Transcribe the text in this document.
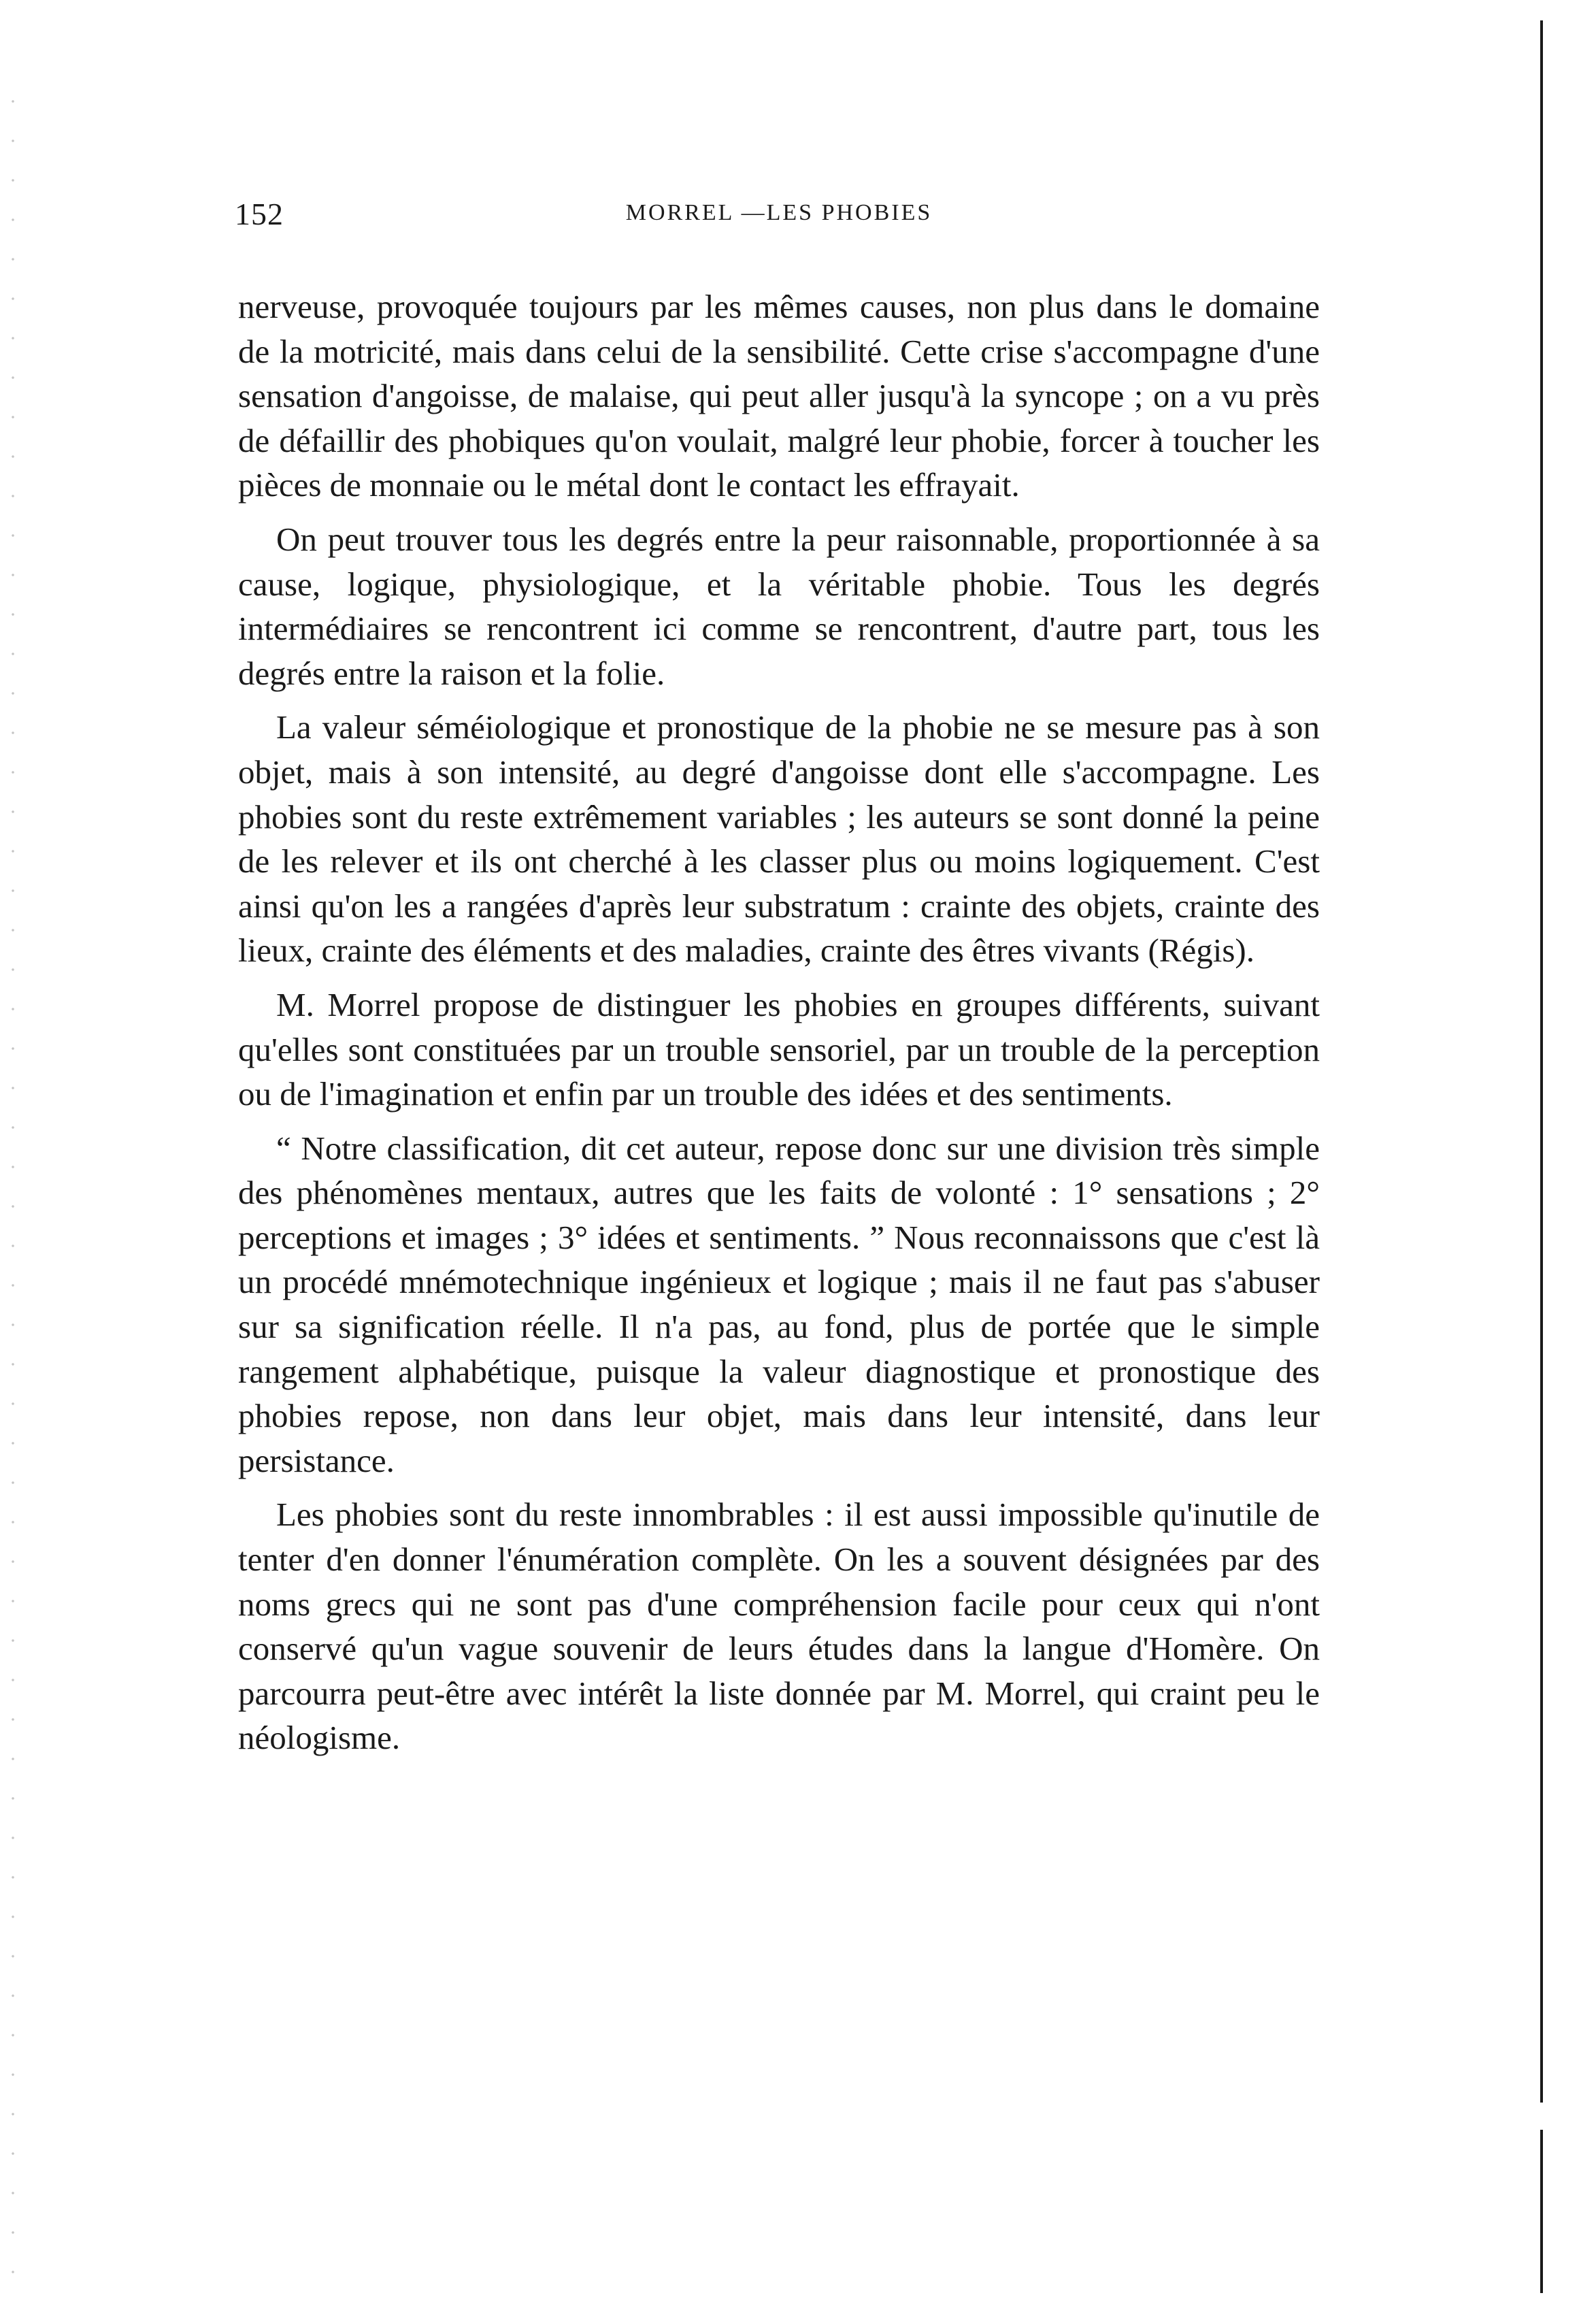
152	MORREL —LES PHOBIES

nerveuse, provoquée toujours par les mêmes causes, non plus dans le domaine de la motricité, mais dans celui de la sensibilité. Cette crise s'accompagne d'une sensation d'angoisse, de malaise, qui peut aller jusqu'à la syncope ; on a vu près de défaillir des phobiques qu'on voulait, malgré leur phobie, forcer à toucher les pièces de monnaie ou le métal dont le contact les effrayait.

On peut trouver tous les degrés entre la peur raisonnable, proportionnée à sa cause, logique, physiologique, et la véritable phobie. Tous les degrés intermédiaires se rencontrent ici comme se rencontrent, d'autre part, tous les degrés entre la raison et la folie.

La valeur séméiologique et pronostique de la phobie ne se mesure pas à son objet, mais à son intensité, au degré d'angoisse dont elle s'accompagne. Les phobies sont du reste extrêmement variables ; les auteurs se sont donné la peine de les relever et ils ont cherché à les classer plus ou moins logiquement. C'est ainsi qu'on les a rangées d'après leur substratum : crainte des objets, crainte des lieux, crainte des éléments et des maladies, crainte des êtres vivants (Régis).

M. Morrel propose de distinguer les phobies en groupes différents, suivant qu'elles sont constituées par un trouble sensoriel, par un trouble de la perception ou de l'imagination et enfin par un trouble des idées et des sentiments.

“ Notre classification, dit cet auteur, repose donc sur une division très simple des phénomènes mentaux, autres que les faits de volonté : 1° sensations ; 2° perceptions et images ; 3° idées et sentiments. ” Nous reconnaissons que c'est là un procédé mnémotechnique ingénieux et logique ; mais il ne faut pas s'abuser sur sa signification réelle. Il n'a pas, au fond, plus de portée que le simple rangement alphabétique, puisque la valeur diagnostique et pronostique des phobies repose, non dans leur objet, mais dans leur intensité, dans leur persistance.

Les phobies sont du reste innombrables : il est aussi impossible qu'inutile de tenter d'en donner l'énumération complète. On les a souvent désignées par des noms grecs qui ne sont pas d'une compréhension facile pour ceux qui n'ont conservé qu'un vague souvenir de leurs études dans la langue d'Homère. On parcourra peut-être avec intérêt la liste donnée par M. Morrel, qui craint peu le néologisme.
